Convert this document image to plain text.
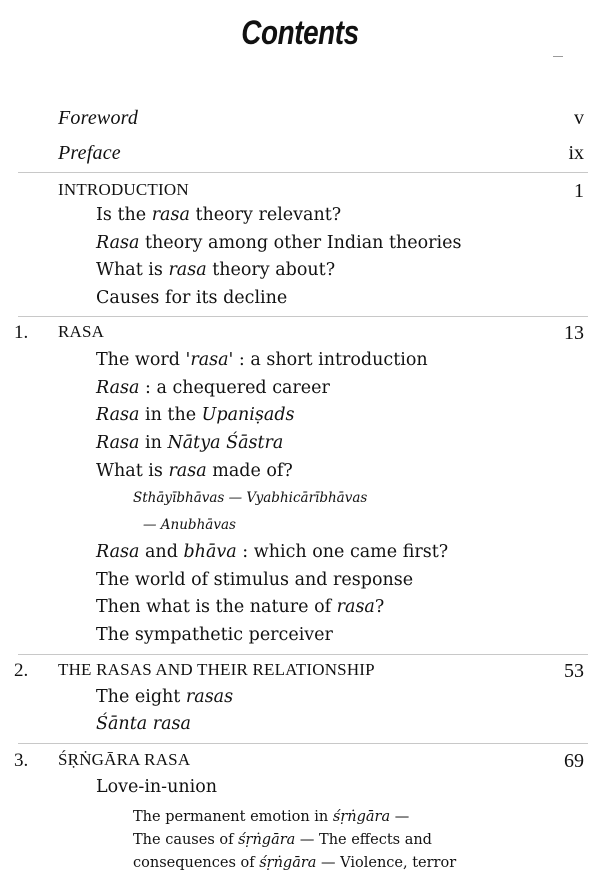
Contents
Foreword	v
Preface	ix
INTRODUCTION	1
Is the rasa theory relevant?
Rasa theory among other Indian theories
What is rasa theory about?
Causes for its decline
1. RASA	13
The word 'rasa' : a short introduction
Rasa : a chequered career
Rasa in the Upaniṣads
Rasa in Nātya Śāstra
What is rasa made of?
Sthāyībhāvas — Vyabhicārībhāvas
— Anubhāvas
Rasa and bhāva : which one came first?
The world of stimulus and response
Then what is the nature of rasa?
The sympathetic perceiver
2. THE RASAS AND THEIR RELATIONSHIP	53
The eight rasas
Śānta rasa
3. ŚṚṄGĀRA RASA	69
Love-in-union
The permanent emotion in śṛṅgāra —
The causes of śṛṅgāra — The effects and
consequences of śṛṅgāra — Violence, terror
